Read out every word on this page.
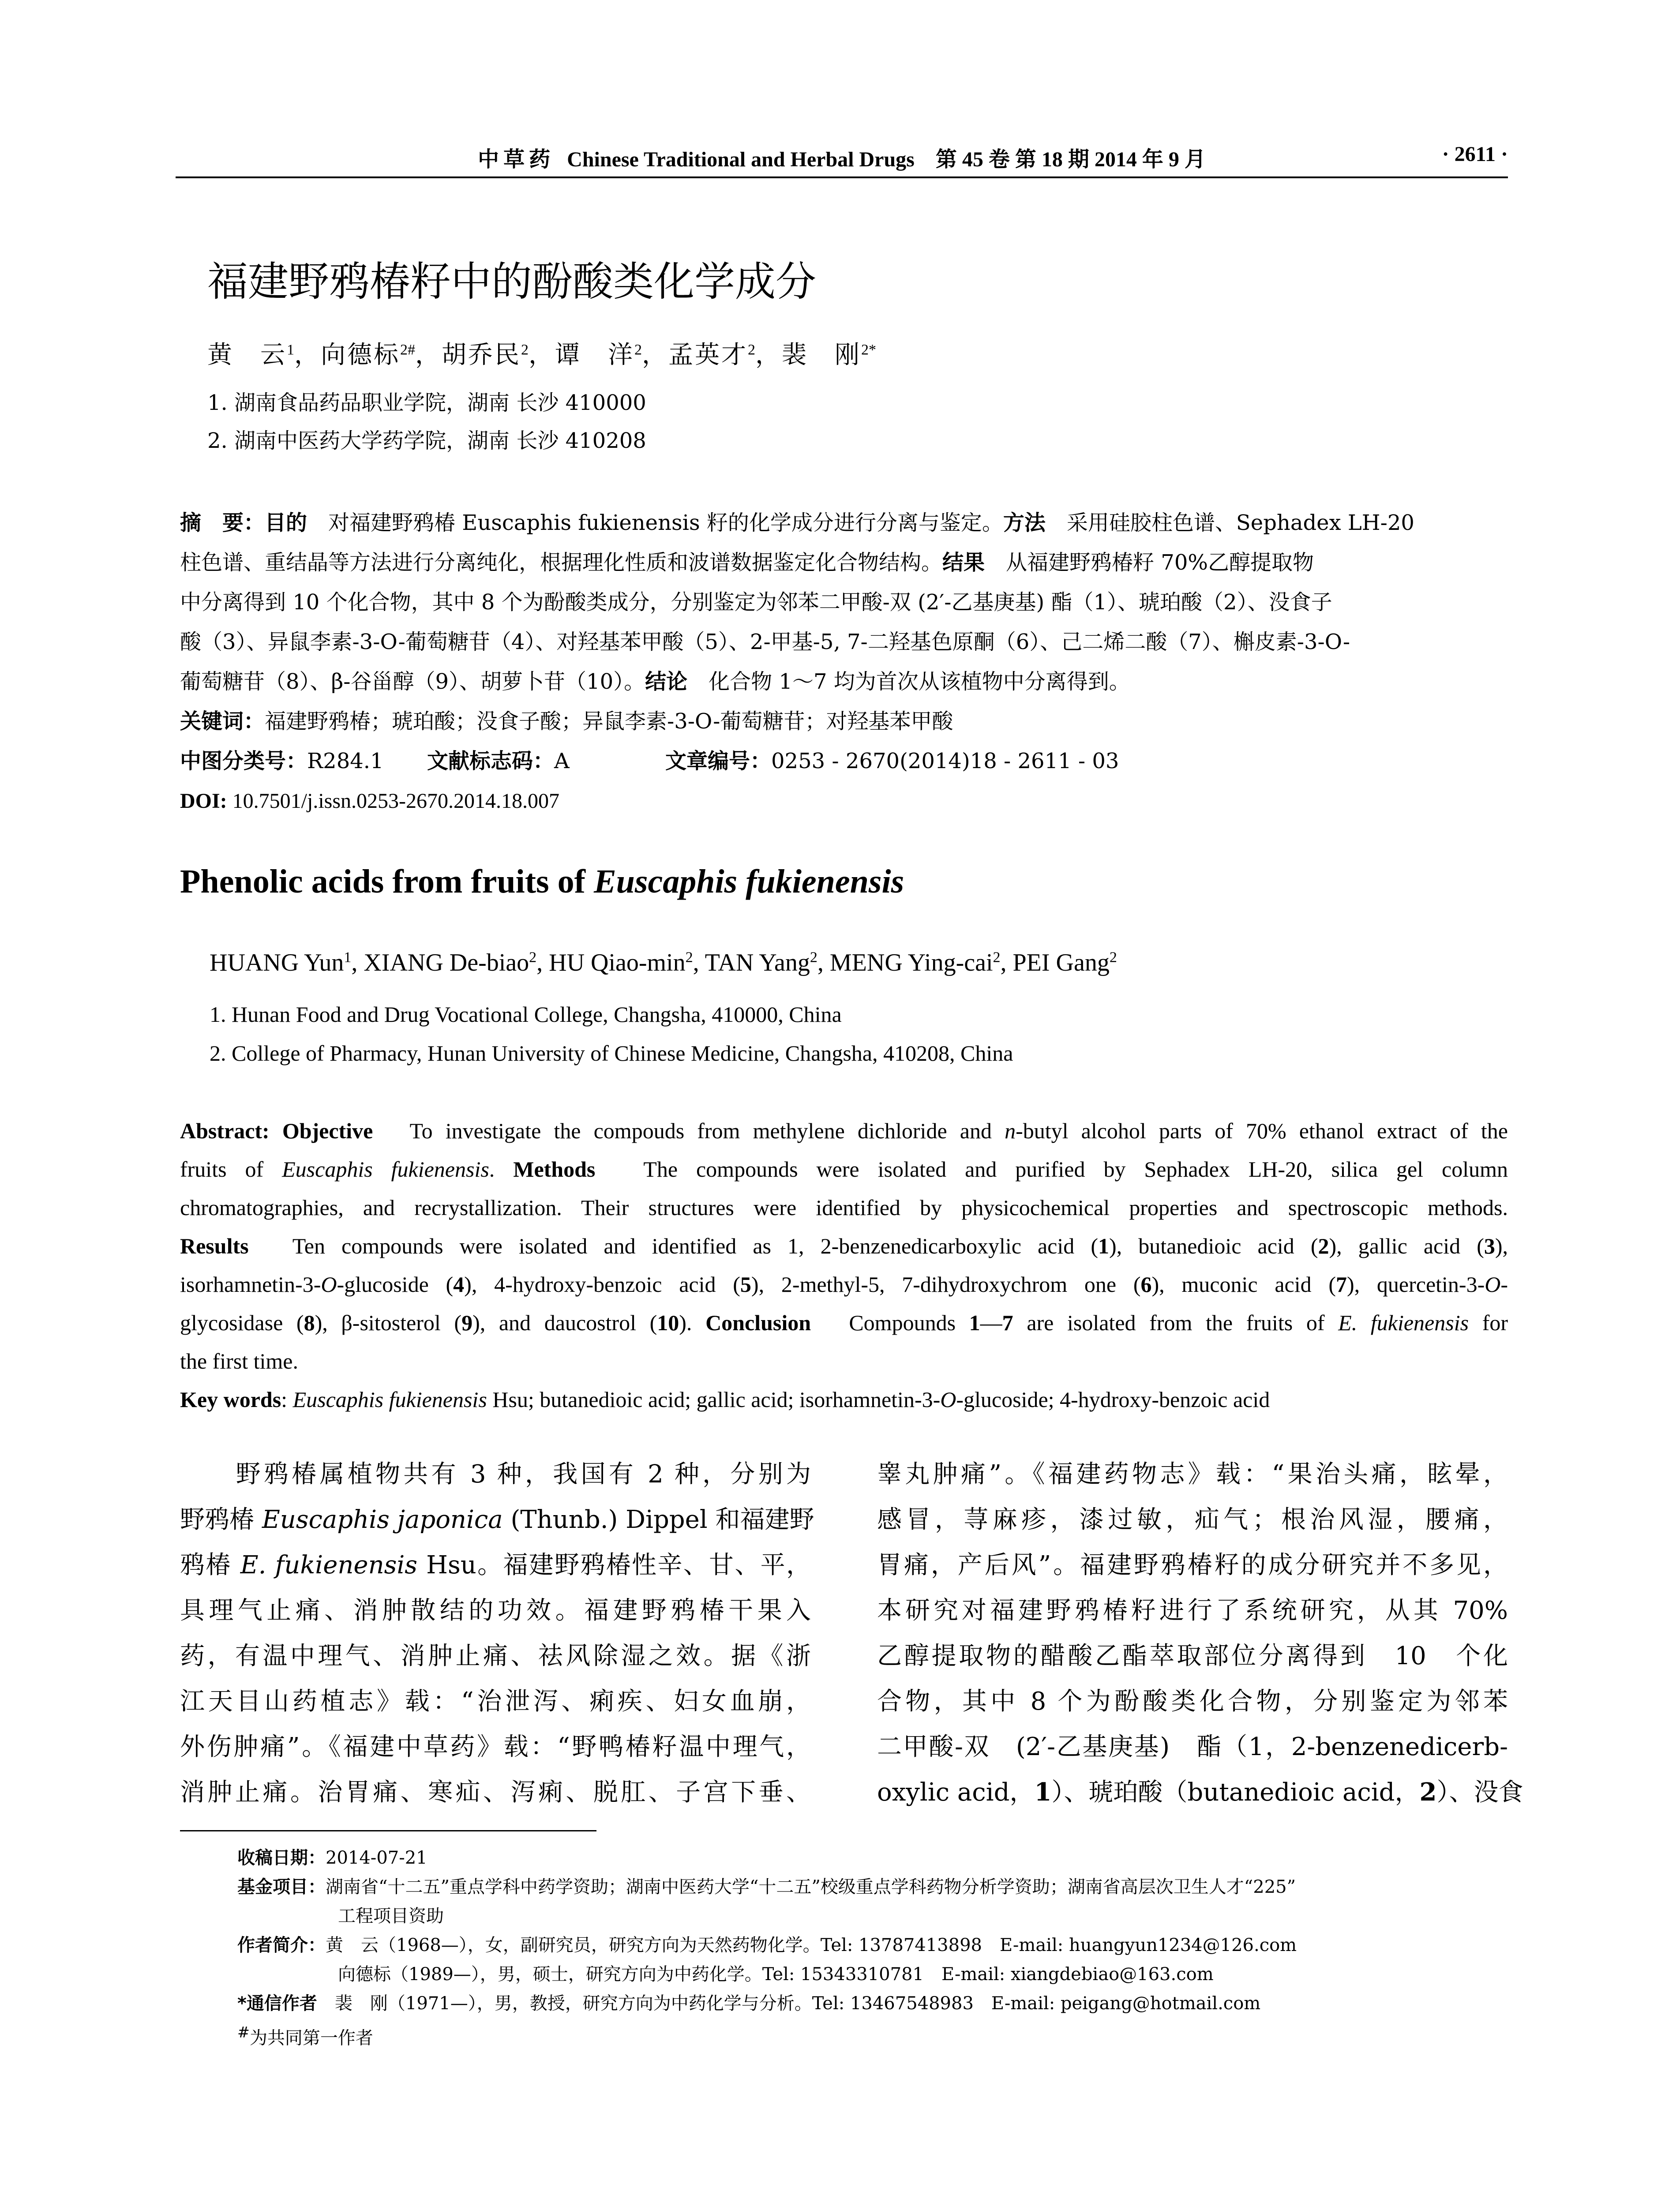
中草药 Chinese Traditional and Herbal Drugs　第 45 卷 第 18 期 2014 年 9 月	· 2611 ·
福建野鸦椿籽中的酚酸类化学成分
黄　云$^1$，向德标$^{2\#}$，胡乔民$^2$，谭　洋$^2$，孟英才$^2$，裴　刚$^{2*}$
1. 湖南食品药品职业学院，湖南 长沙 410000
2. 湖南中医药大学药学院，湖南 长沙 410208
摘　要：目的　对福建野鸦椿 Euscaphis fukienensis 籽的化学成分进行分离与鉴定。方法　采用硅胶柱色谱、Sephadex LH-20
柱色谱、重结晶等方法进行分离纯化，根据理化性质和波谱数据鉴定化合物结构。结果　从福建野鸦椿籽 70%乙醇提取物
中分离得到 10 个化合物，其中 8 个为酚酸类成分，分别鉴定为邻苯二甲酸-双 (2′-乙基庚基) 酯（1）、琥珀酸（2）、没食子
酸（3）、异鼠李素-3-O-葡萄糖苷（4）、对羟基苯甲酸（5）、2-甲基-5, 7-二羟基色原酮（6）、己二烯二酸（7）、槲皮素-3-O-
葡萄糖苷（8）、β-谷甾醇（9）、胡萝卜苷（10）。结论　化合物 1～7 均为首次从该植物中分离得到。
关键词：福建野鸦椿；琥珀酸；没食子酸；异鼠李素-3-O-葡萄糖苷；对羟基苯甲酸
中图分类号：R284.1 文献标志码：A	文章编号：0253 - 2670(2014)18 - 2611 - 03
DOI: 10.7501/j.issn.0253-2670.2014.18.007
Phenolic acids from fruits of Euscaphis fukienensis
HUANG Yun$^1$, XIANG De-biao$^2$, HU Qiao-$\min^2$, TAN Yang$^2$, MENG Ying-cai$^2$, PEI Gang$^2$
1. Hunan Food and Drug Vocational College, Changsha, 410000, China
2. College of Pharmacy, Hunan University of Chinese Medicine, Changsha, 410208, China
Abstract: Objective　To investigate the compouds from methylene dichloride and n-butyl alcohol parts of 70% ethanol extract of the
fruits of Euscaphis fukienensis. Methods　The compounds were isolated and purified by Sephadex LH-20, silica gel column
chromatographies, and recrystallization. Their structures were identified by physicochemical properties and spectroscopic methods.
Results　Ten compounds were isolated and identified as 1, 2-benzenedicarboxylic acid (1), butanedioic acid (2), gallic acid (3),
isorhamnetin-3-O-glucoside (4), 4-hydroxy-benzoic acid (5), 2-methyl-5, 7-dihydroxychrom one (6), muconic acid (7), quercetin-3-O-
glycosidase (8), β-sitosterol (9), and daucostrol (10). Conclusion　Compounds 1—7 are isolated from the fruits of E. fukienensis for
the first time.
Key words: Euscaphis fukienensis Hsu; butanedioic acid; gallic acid; isorhamnetin-3-O-glucoside; 4-hydroxy-benzoic acid
　　野鸦椿属植物共有 3 种，我国有 2 种，分别为
野鸦椿 Euscaphis japonica (Thunb.) Dippel 和福建野
鸦椿 E. fukienensis Hsu。福建野鸦椿性辛、甘、平，
具理气止痛、消肿散结的功效。福建野鸦椿干果入
药，有温中理气、消肿止痛、祛风除湿之效。据《浙
江天目山药植志》载：“治泄泻、痢疾、妇女血崩，
外伤肿痛”。《福建中草药》载：“野鸭椿籽温中理气，
消肿止痛。治胃痛、寒疝、泻痢、脱肛、子宫下垂、
睾丸肿痛”。《福建药物志》载：“果治头痛，眩晕，
感冒，荨麻疹，漆过敏，疝气；根治风湿，腰痛，
胃痛，产后风”。福建野鸦椿籽的成分研究并不多见，
本研究对福建野鸦椿籽进行了系统研究，从其 70%
乙醇提取物的醋酸乙酯萃取部位分离得到　10　个化
合物，其中 8 个为酚酸类化合物，分别鉴定为邻苯
二甲酸-双　(2′-乙基庚基)　酯（1，2-benzenedicerb-
oxylic acid，1）、琥珀酸（butanedioic acid，2）、没食
收稿日期：2014-07-21
基金项目：湖南省“十二五”重点学科中药学资助；湖南中医药大学“十二五”校级重点学科药物分析学资助；湖南省高层次卫生人才“225”
工程项目资助
作者简介：黄　云（1968—），女，副研究员，研究方向为天然药物化学。Tel: 13787413898　E-mail: huangyun1234@126.com
向德标（1989—），男，硕士，研究方向为中药化学。Tel: 15343310781　E-mail: xiangdebiao@163.com
*通信作者　裴　刚（1971—），男，教授，研究方向为中药化学与分析。Tel: 13467548983　E-mail: peigang@hotmail.com
#为共同第一作者
